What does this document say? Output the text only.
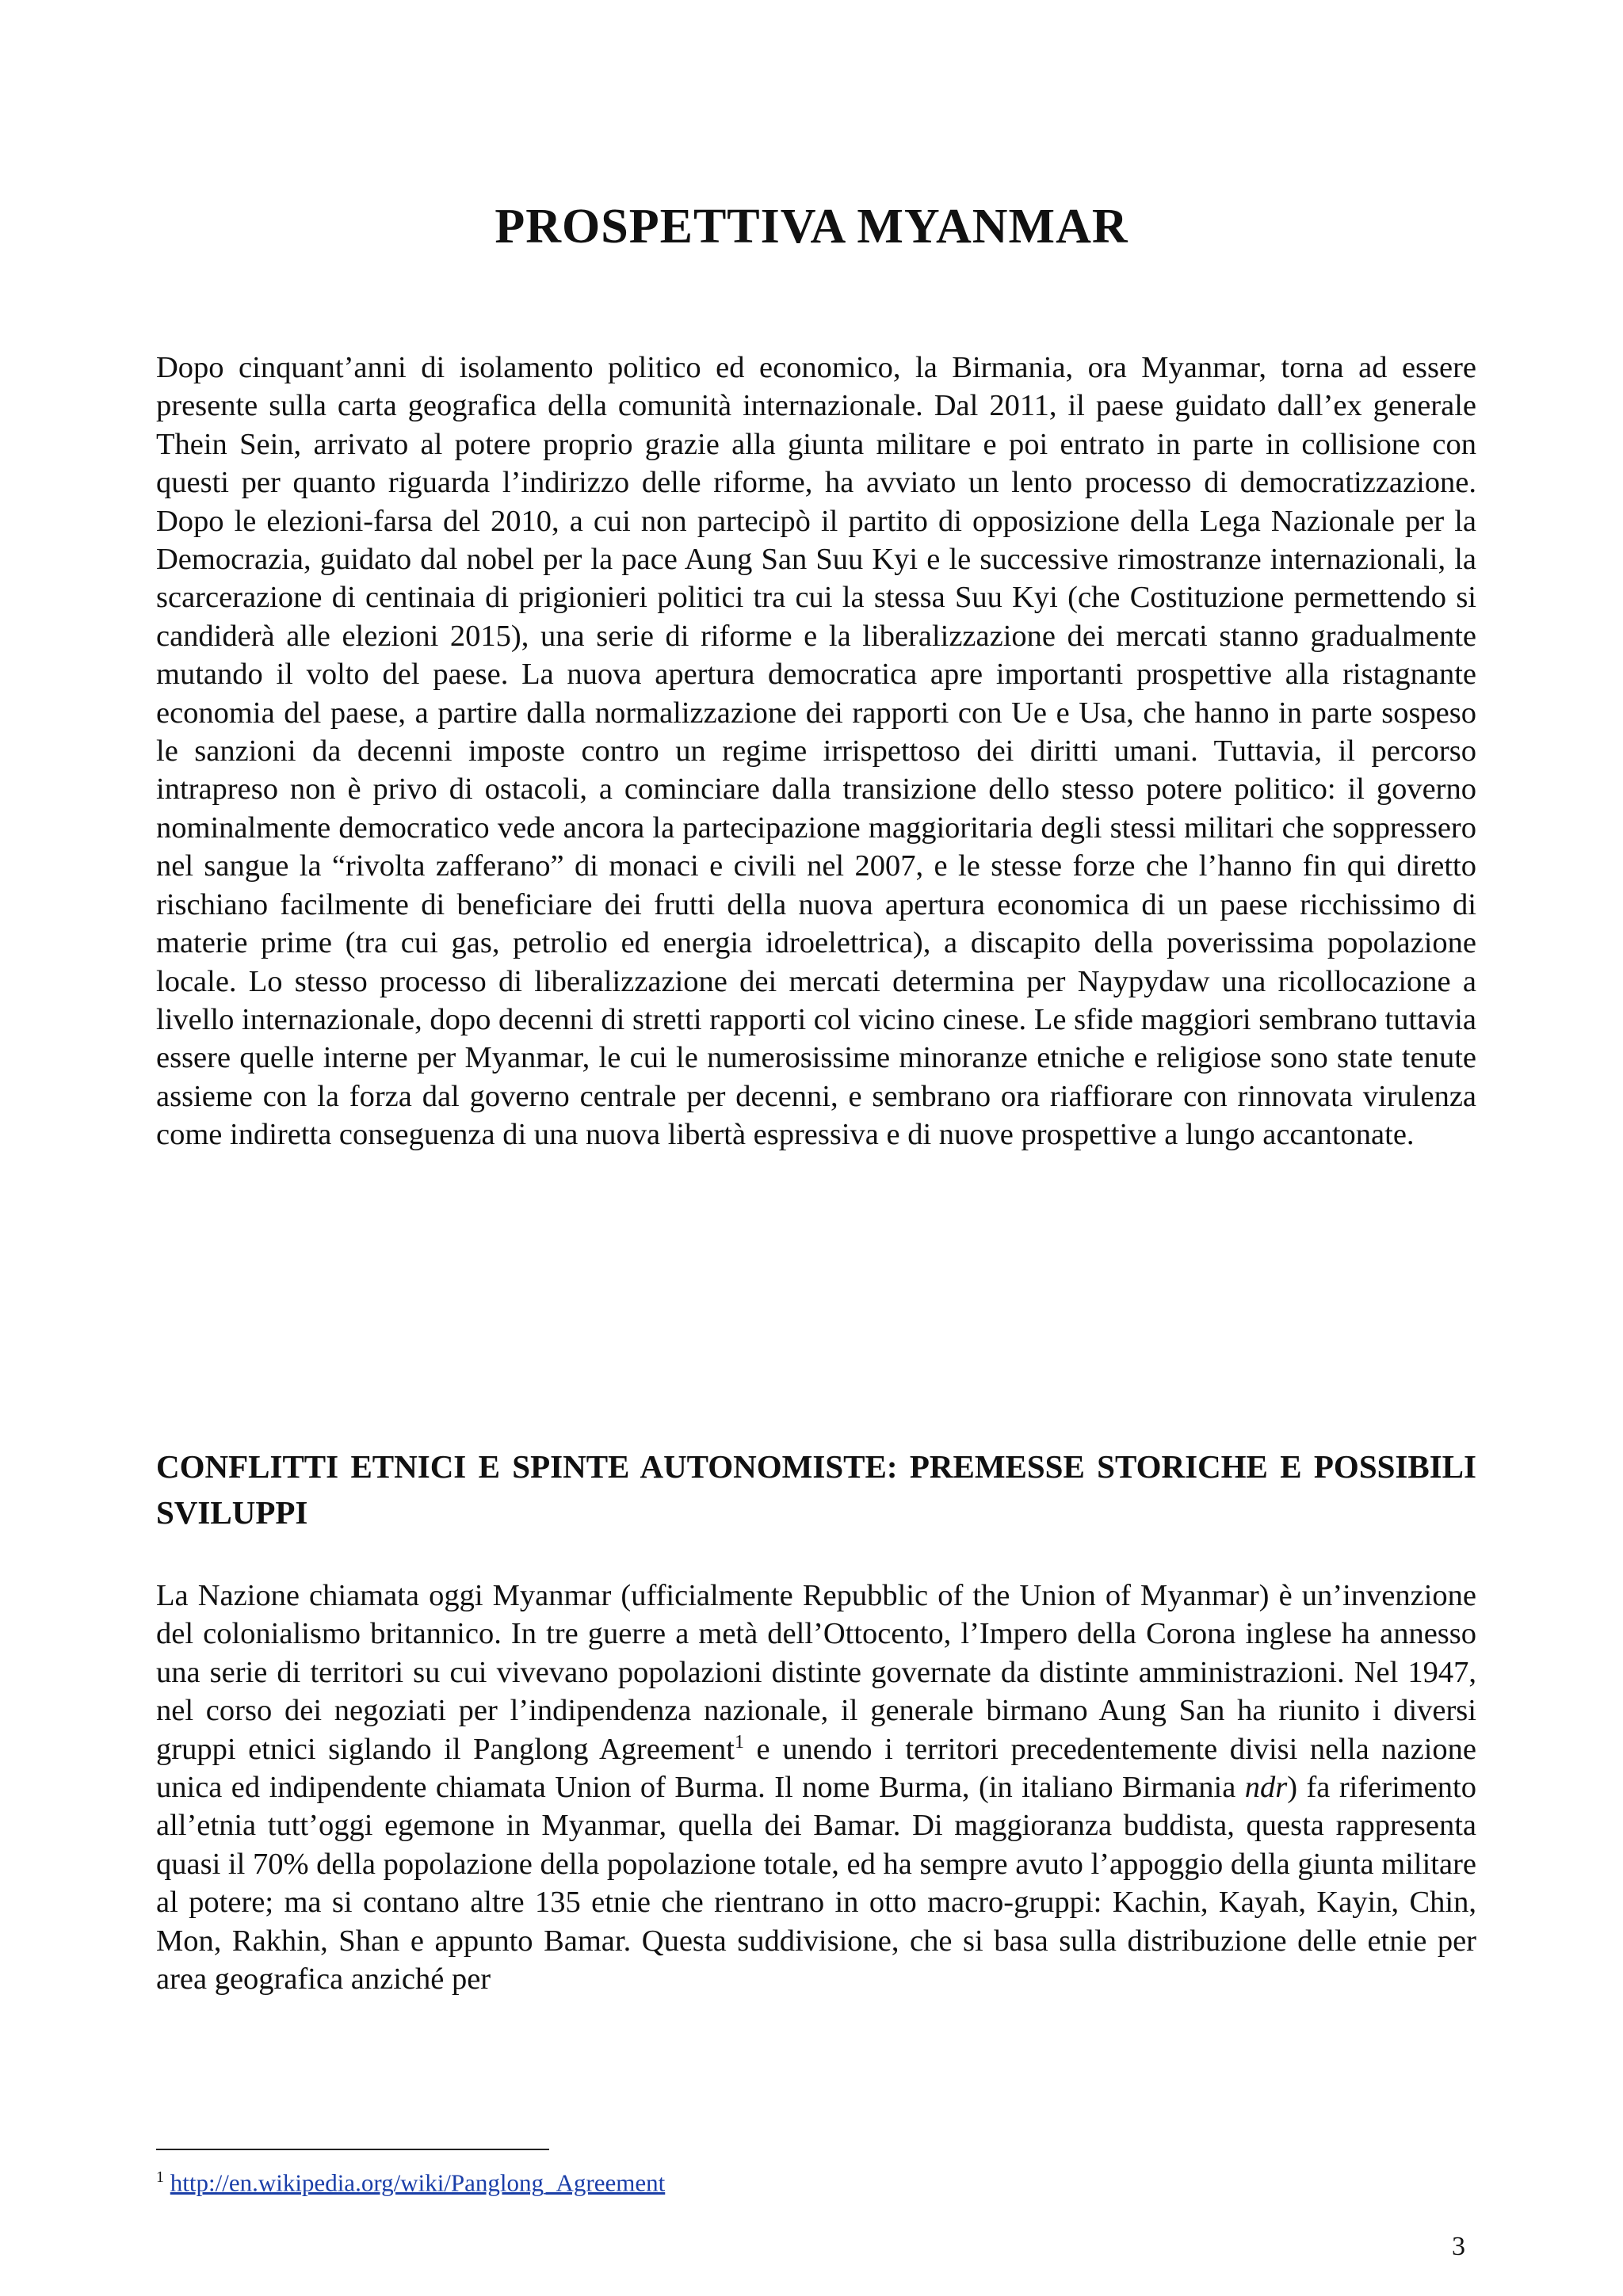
PROSPETTIVA MYANMAR

Dopo cinquant’anni di isolamento politico ed economico, la Birmania, ora Myanmar, torna ad essere presente sulla carta geografica della comunità internazionale. Dal 2011, il paese guidato dall’ex generale Thein Sein, arrivato al potere proprio grazie alla giunta militare e poi entrato in parte in collisione con questi per quanto riguarda l’indirizzo delle riforme, ha avviato un lento processo di democratizzazione. Dopo le elezioni-farsa del 2010, a cui non partecipò il partito di opposizione della Lega Nazionale per la Democrazia, guidato dal nobel per la pace Aung San Suu Kyi e le successive rimostranze internazionali, la scarcerazione di centinaia di prigionieri politici tra cui la stessa Suu Kyi (che Costituzione permettendo si candiderà alle elezioni 2015), una serie di riforme e la liberalizzazione dei mercati stanno gradualmente mutando il volto del paese. La nuova apertura democratica apre importanti prospettive alla ristagnante economia del paese, a partire dalla normalizzazione dei rapporti con Ue e Usa, che hanno in parte sospeso le sanzioni da decenni imposte contro un regime irrispettoso dei diritti umani. Tuttavia, il percorso intrapreso non è privo di ostacoli, a cominciare dalla transizione dello stesso potere politico: il governo nominalmente democratico vede ancora la partecipazione maggioritaria degli stessi militari che soppressero nel sangue la “rivolta zafferano” di monaci e civili nel 2007, e le stesse forze che l’hanno fin qui diretto rischiano facilmente di beneficiare dei frutti della nuova apertura economica di un paese ricchissimo di materie prime (tra cui gas, petrolio ed energia idroelettrica), a discapito della poverissima popolazione locale. Lo stesso processo di liberalizzazione dei mercati determina per Naypydaw una ricollocazione a livello internazionale, dopo decenni di stretti rapporti col vicino cinese. Le sfide maggiori sembrano tuttavia essere quelle interne per Myanmar, le cui le numerosissime minoranze etniche e religiose sono state tenute assieme con la forza dal governo centrale per decenni, e sembrano ora riaffiorare con rinnovata virulenza come indiretta conseguenza di una nuova libertà espressiva e di nuove prospettive a lungo accantonate.

CONFLITTI ETNICI E SPINTE AUTONOMISTE: PREMESSE STORICHE E POSSIBILI SVILUPPI

La Nazione chiamata oggi Myanmar (ufficialmente Repubblic of the Union of Myanmar) è un’invenzione del colonialismo britannico. In tre guerre a metà dell’Ottocento, l’Impero della Corona inglese ha annesso una serie di territori su cui vivevano popolazioni distinte governate da distinte amministrazioni. Nel 1947, nel corso dei negoziati per l’indipendenza nazionale, il generale birmano Aung San ha riunito i diversi gruppi etnici siglando il Panglong Agreement$^1$ e unendo i territori precedentemente divisi nella nazione unica ed indipendente chiamata Union of Burma. Il nome Burma, (in italiano Birmania ndr) fa riferimento all’etnia tutt’oggi egemone in Myanmar, quella dei Bamar. Di maggioranza buddista, questa rappresenta quasi il 70% della popolazione della popolazione totale, ed ha sempre avuto l’appoggio della giunta militare al potere; ma si contano altre 135 etnie che rientrano in otto macro-gruppi: Kachin, Kayah, Kayin, Chin, Mon, Rakhin, Shan e appunto Bamar. Questa suddivisione, che si basa sulla distribuzione delle etnie per area geografica anziché per

$^1$ http://en.wikipedia.org/wiki/Panglong_Agreement

3
